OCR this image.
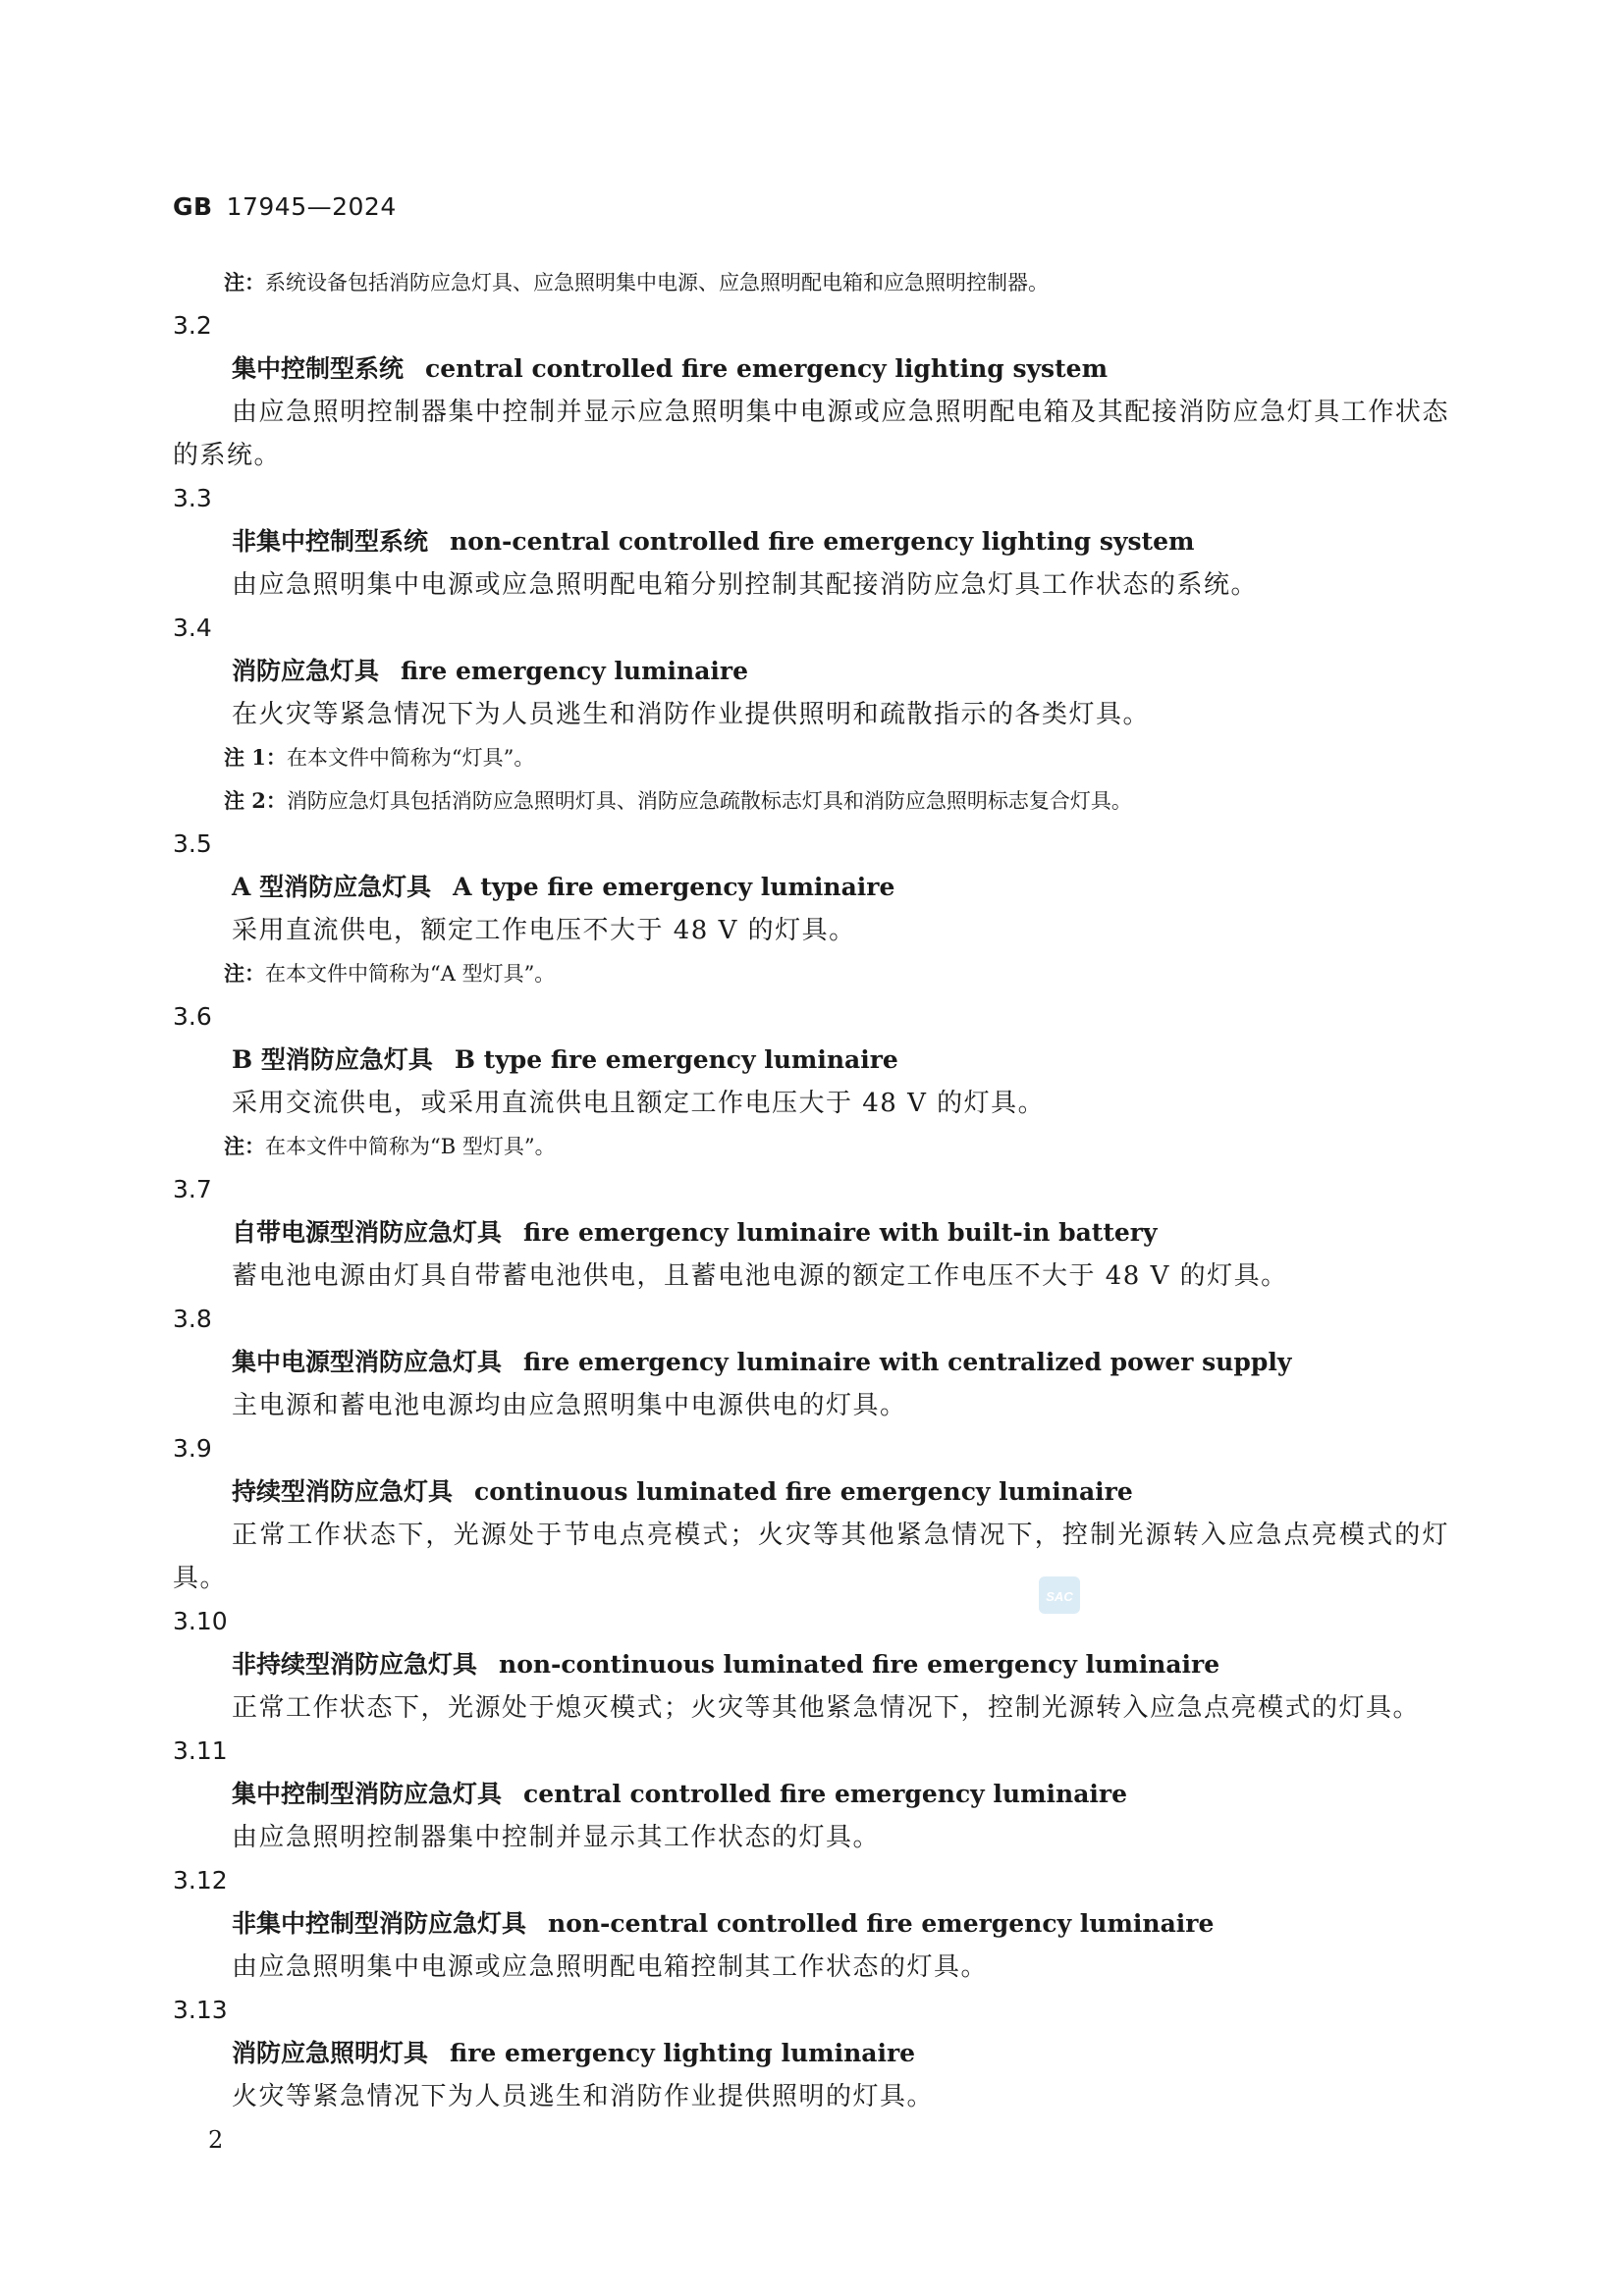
GB 17945—2024
注：系统设备包括消防应急灯具、应急照明集中电源、应急照明配电箱和应急照明控制器。
3.2
集中控制型系统 central controlled fire emergency lighting system

由应急照明控制器集中控制并显示应急照明集中电源或应急照明配电箱及其配接消防应急灯具工作状态的系统。

3.3
非集中控制型系统 non-central controlled fire emergency lighting system

由应急照明集中电源或应急照明配电箱分别控制其配接消防应急灯具工作状态的系统。

3.4
消防应急灯具 fire emergency luminaire

在火灾等紧急情况下为人员逃生和消防作业提供照明和疏散指示的各类灯具。

注 1：在本文件中简称为“灯具”。
注 2：消防应急灯具包括消防应急照明灯具、消防应急疏散标志灯具和消防应急照明标志复合灯具。
3.5
A 型消防应急灯具 A type fire emergency luminaire

采用直流供电，额定工作电压不大于 48 V 的灯具。

注：在本文件中简称为“A 型灯具”。
3.6
B 型消防应急灯具 B type fire emergency luminaire

采用交流供电，或采用直流供电且额定工作电压大于 48 V 的灯具。

注：在本文件中简称为“B 型灯具”。
3.7
自带电源型消防应急灯具 fire emergency luminaire with built-in battery

蓄电池电源由灯具自带蓄电池供电，且蓄电池电源的额定工作电压不大于 48 V 的灯具。

3.8
集中电源型消防应急灯具 fire emergency luminaire with centralized power supply

主电源和蓄电池电源均由应急照明集中电源供电的灯具。

3.9
持续型消防应急灯具 continuous luminated fire emergency luminaire

正常工作状态下，光源处于节电点亮模式；火灾等其他紧急情况下，控制光源转入应急点亮模式的灯具。

3.10
非持续型消防应急灯具 non-continuous luminated fire emergency luminaire

正常工作状态下，光源处于熄灭模式；火灾等其他紧急情况下，控制光源转入应急点亮模式的灯具。

3.11
集中控制型消防应急灯具 central controlled fire emergency luminaire

由应急照明控制器集中控制并显示其工作状态的灯具。

3.12
非集中控制型消防应急灯具 non-central controlled fire emergency luminaire

由应急照明集中电源或应急照明配电箱控制其工作状态的灯具。

3.13
消防应急照明灯具 fire emergency lighting luminaire

火灾等紧急情况下为人员逃生和消防作业提供照明的灯具。

SAC
2
